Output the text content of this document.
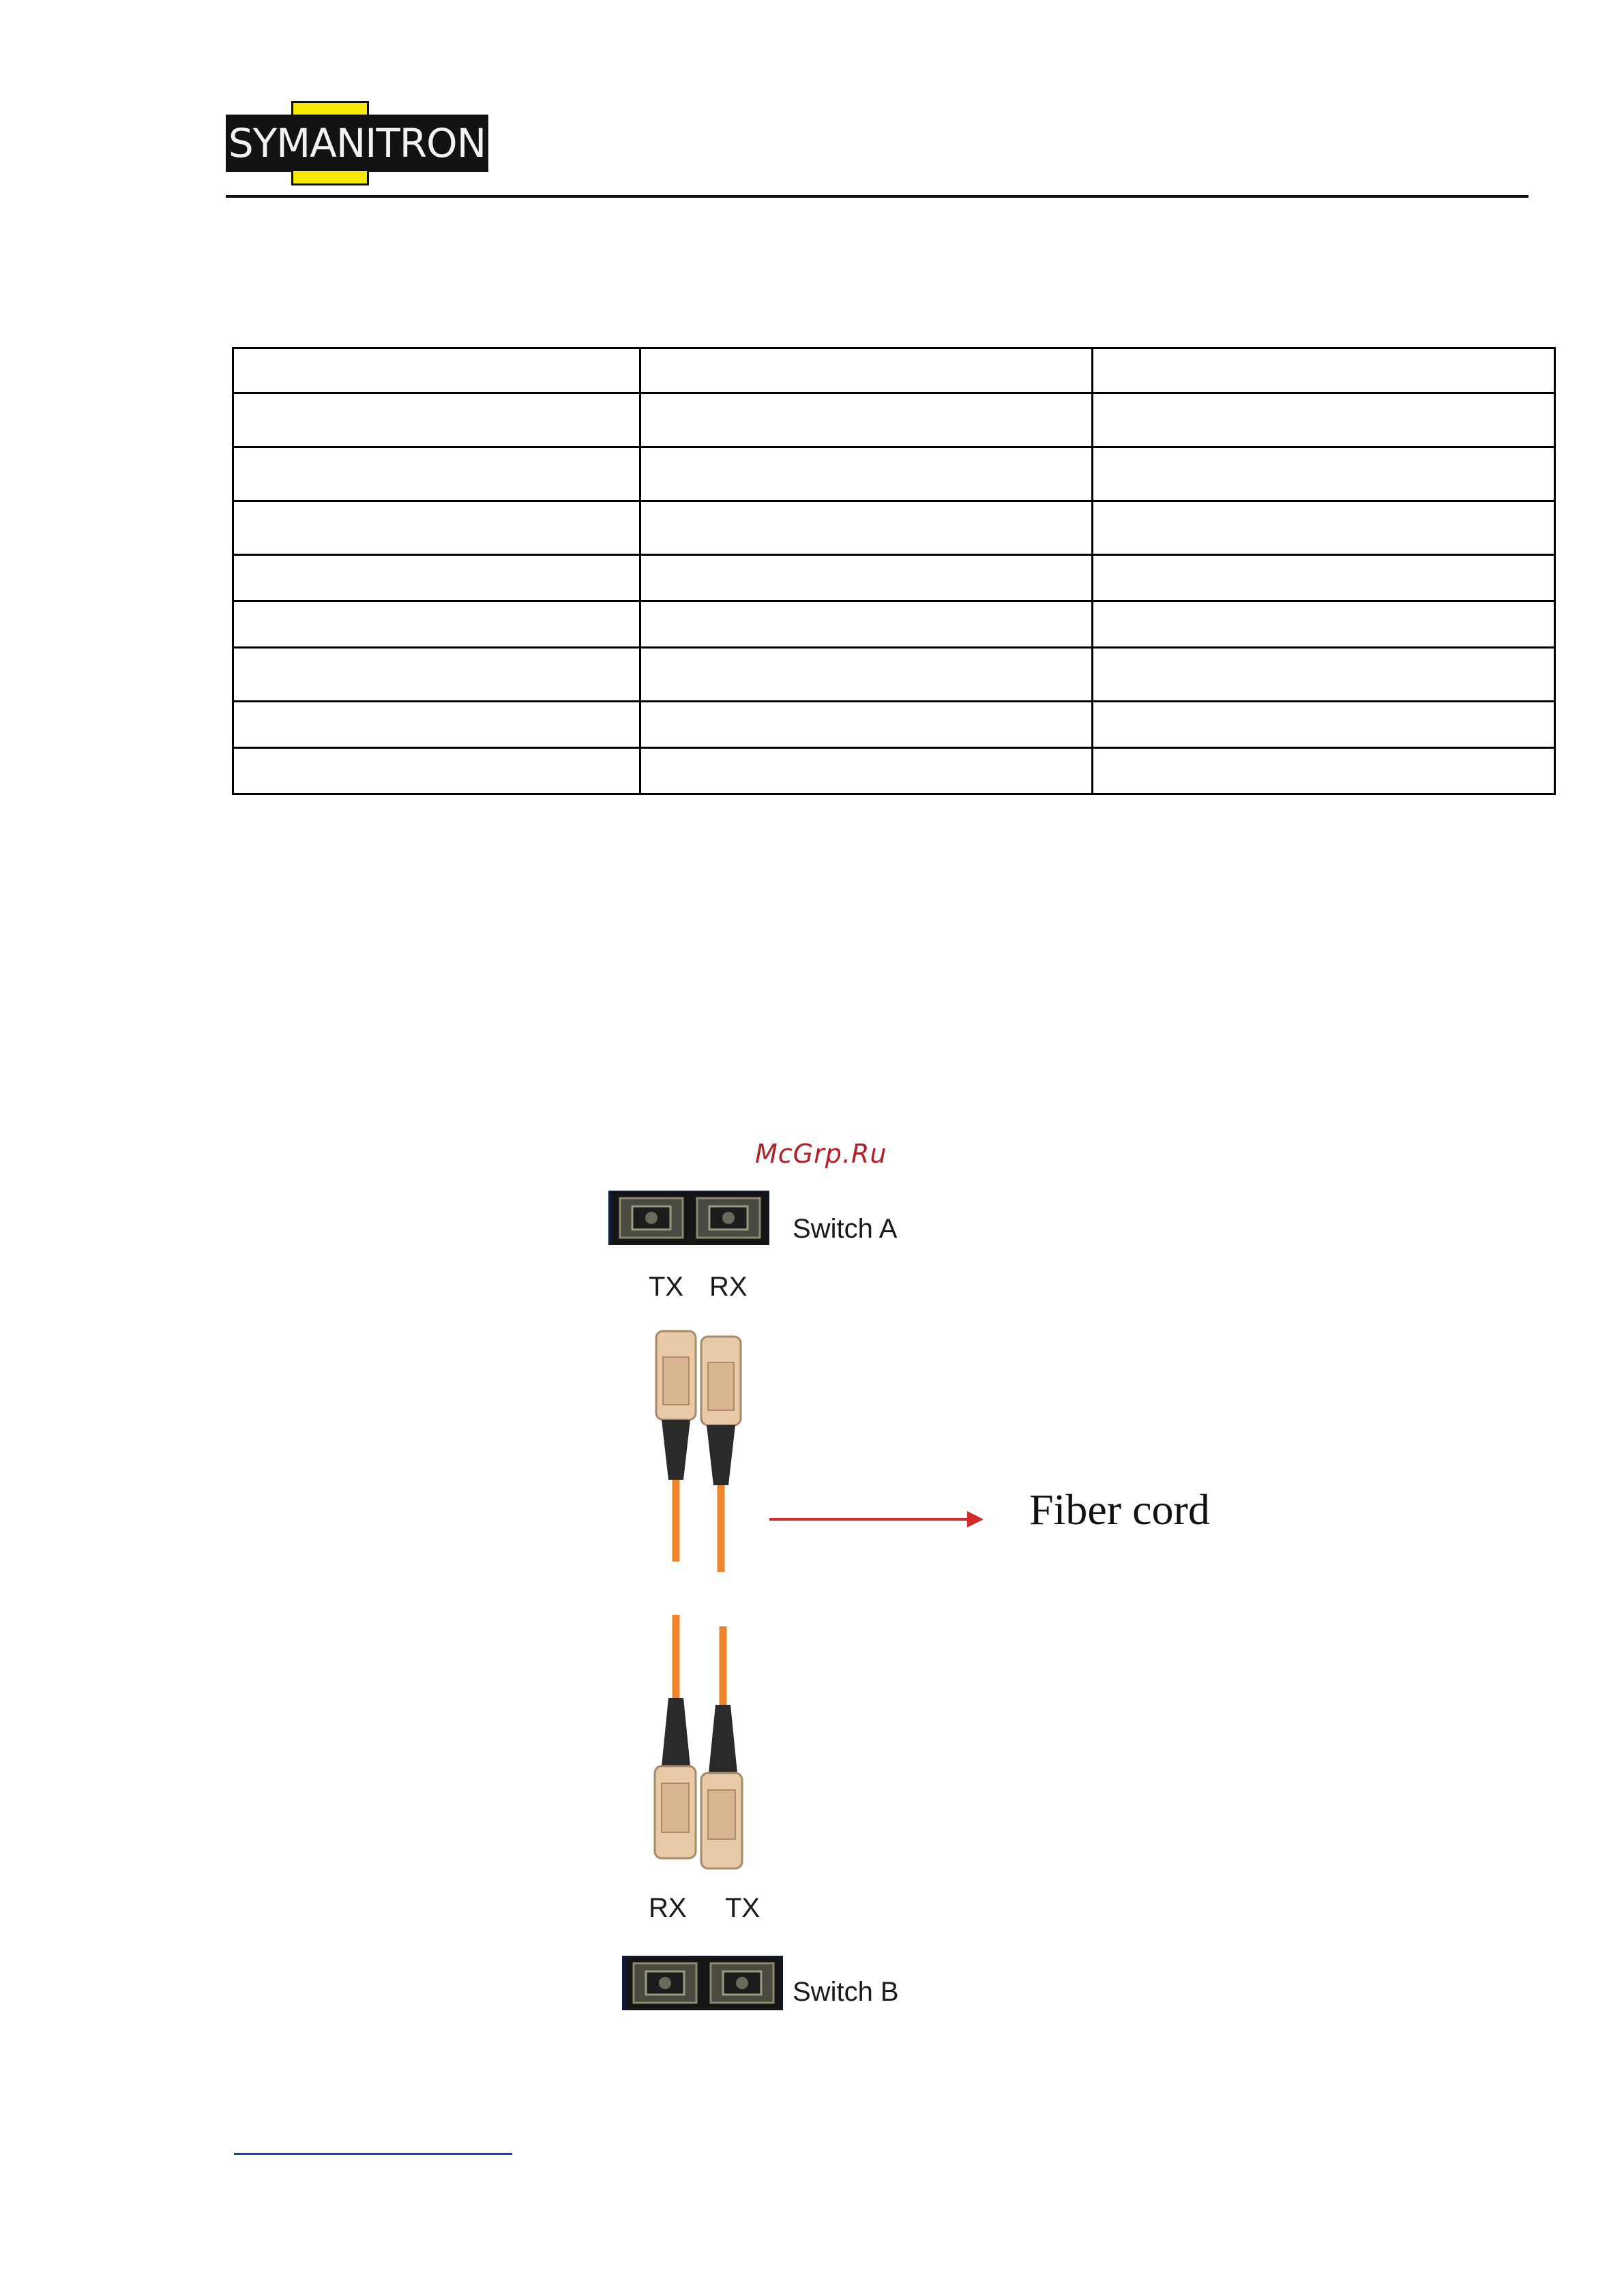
SYMANITRON

McGrp.Ru
Switch A
TX RX
Fiber cord
RX TX
Switch B
